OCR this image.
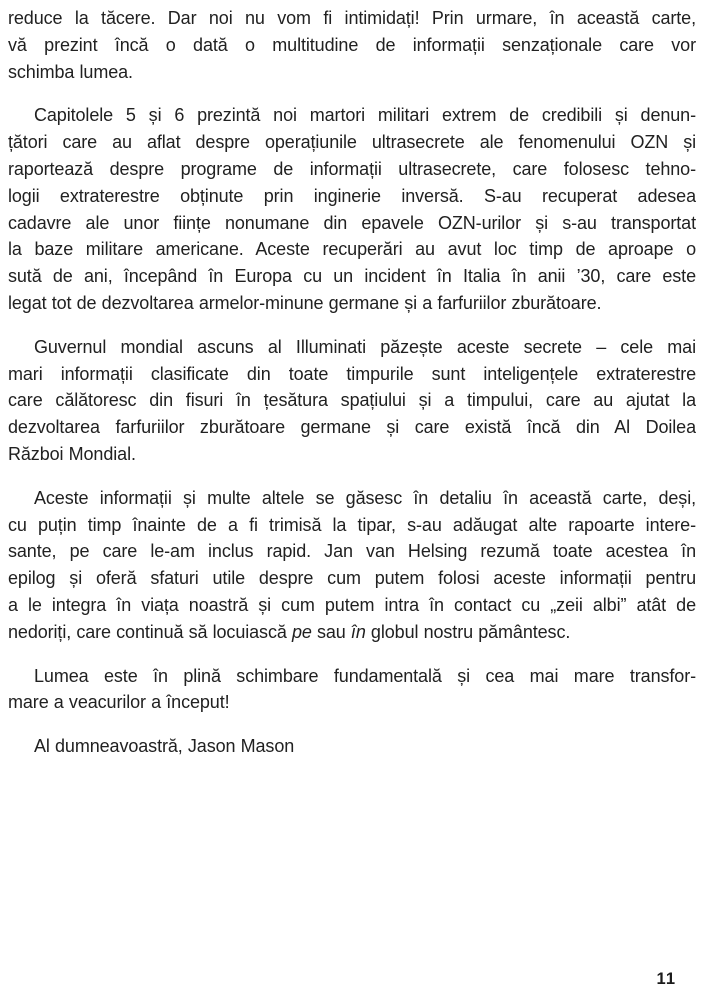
reduce la tăcere. Dar noi nu vom fi intimidați! Prin urmare, în această carte,
vă prezint încă o dată o multitudine de informații senzaționale care vor
schimba lumea.
Capitolele 5 și 6 prezintă noi martori militari extrem de credibili și denun-
țători care au aflat despre operațiunile ultrasecrete ale fenomenului OZN și
raportează despre programe de informații ultrasecrete, care folosesc tehno-
logii extraterestre obținute prin inginerie inversă. S-au recuperat adesea
cadavre ale unor ființe nonumane din epavele OZN-urilor și s-au transportat
la baze militare americane. Aceste recuperări au avut loc timp de aproape o
sută de ani, începând în Europa cu un incident în Italia în anii ’30, care este
legat tot de dezvoltarea armelor-minune germane și a farfuriilor zburătoare.
Guvernul mondial ascuns al Illuminati păzește aceste secrete – cele mai
mari informații clasificate din toate timpurile sunt inteligențele extraterestre
care călătoresc din fisuri în țesătura spațiului și a timpului, care au ajutat la
dezvoltarea farfuriilor zburătoare germane și care există încă din Al Doilea
Război Mondial.
Aceste informații și multe altele se găsesc în detaliu în această carte, deși,
cu puțin timp înainte de a fi trimisă la tipar, s-au adăugat alte rapoarte intere-
sante, pe care le-am inclus rapid. Jan van Helsing rezumă toate acestea în
epilog și oferă sfaturi utile despre cum putem folosi aceste informații pentru
a le integra în viața noastră și cum putem intra în contact cu „zeii albi” atât de
nedoriți, care continuă să locuiască pe sau în globul nostru pământesc.
Lumea este în plină schimbare fundamentală și cea mai mare transfor-
mare a veacurilor a început!
Al dumneavoastră, Jason Mason
11
